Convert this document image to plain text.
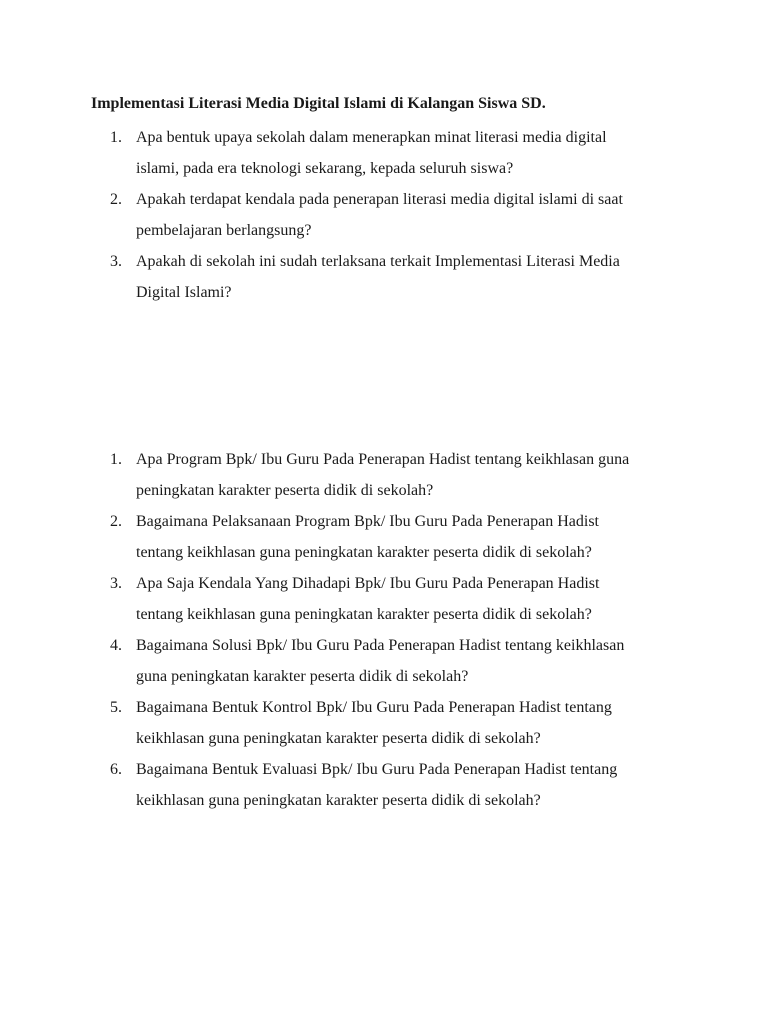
Implementasi Literasi Media Digital Islami di Kalangan Siswa SD.
1. Apa bentuk upaya sekolah dalam menerapkan minat literasi media digital
islami, pada era teknologi sekarang, kepada seluruh siswa?
2. Apakah terdapat kendala pada penerapan literasi media digital islami di saat
pembelajaran berlangsung?
3. Apakah di sekolah ini sudah terlaksana terkait Implementasi Literasi Media
Digital Islami?
1. Apa Program Bpk/ Ibu Guru Pada Penerapan Hadist tentang keikhlasan guna
peningkatan karakter peserta didik di sekolah?
2. Bagaimana Pelaksanaan Program Bpk/ Ibu Guru Pada Penerapan Hadist
tentang keikhlasan guna peningkatan karakter peserta didik di sekolah?
3. Apa Saja Kendala Yang Dihadapi Bpk/ Ibu Guru Pada Penerapan Hadist
tentang keikhlasan guna peningkatan karakter peserta didik di sekolah?
4. Bagaimana Solusi Bpk/ Ibu Guru Pada Penerapan Hadist tentang keikhlasan
guna peningkatan karakter peserta didik di sekolah?
5. Bagaimana Bentuk Kontrol Bpk/ Ibu Guru Pada Penerapan Hadist tentang
keikhlasan guna peningkatan karakter peserta didik di sekolah?
6. Bagaimana Bentuk Evaluasi Bpk/ Ibu Guru Pada Penerapan Hadist tentang
keikhlasan guna peningkatan karakter peserta didik di sekolah?
